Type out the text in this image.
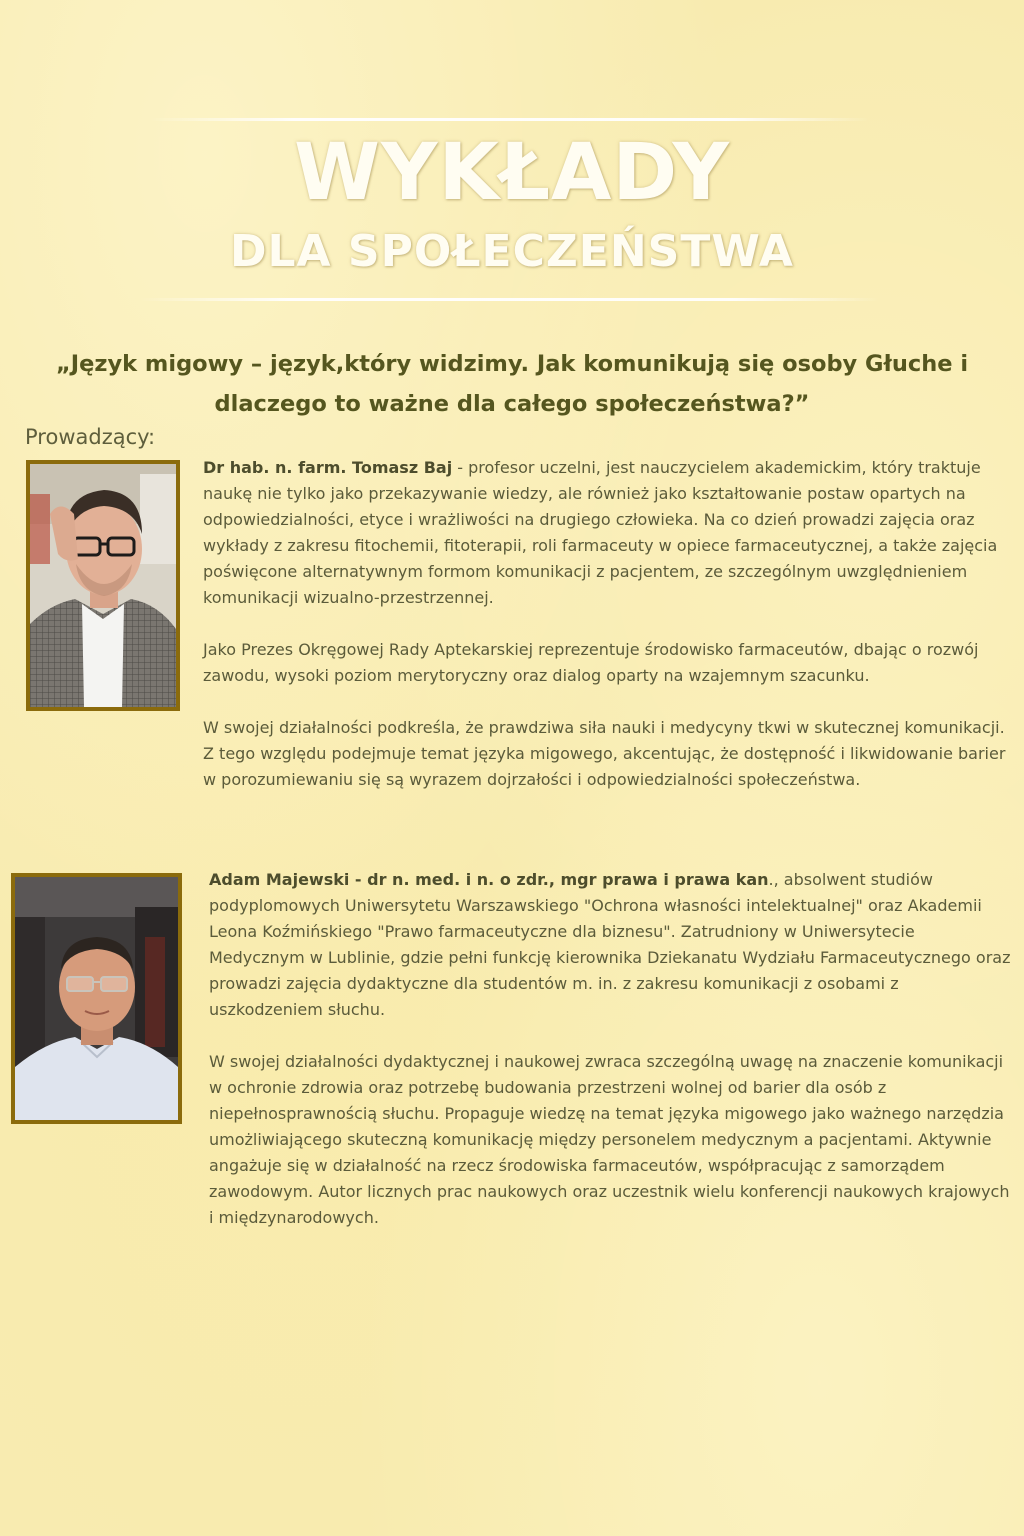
WYKŁADY
DLA SPOŁECZEŃSTWA
„Język migowy – język,który widzimy. Jak komunikują się osoby Głuche i
dlaczego to ważne dla całego społeczeństwa?”
Prowadzący:

Dr hab. n. farm. Tomasz Baj - profesor uczelni, jest nauczycielem akademickim, który traktuje naukę nie tylko jako przekazywanie wiedzy, ale również jako kształtowanie postaw opartych na odpowiedzialności, etyce i wrażliwości na drugiego człowieka. Na co dzień prowadzi zajęcia oraz wykłady z zakresu fitochemii, fitoterapii, roli farmaceuty w opiece farmaceutycznej, a także zajęcia poświęcone alternatywnym formom komunikacji z pacjentem, ze szczególnym uwzględnieniem komunikacji wizualno-przestrzennej.

Jako Prezes Okręgowej Rady Aptekarskiej reprezentuje środowisko farmaceutów, dbając o rozwój zawodu, wysoki poziom merytoryczny oraz dialog oparty na wzajemnym szacunku.

W swojej działalności podkreśla, że prawdziwa siła nauki i medycyny tkwi w skutecznej komunikacji. Z tego względu podejmuje temat języka migowego, akcentując, że dostępność i likwidowanie barier w porozumiewaniu się są wyrazem dojrzałości i odpowiedzialności społeczeństwa.

Adam Majewski - dr n. med. i n. o zdr., mgr prawa i prawa kan., absolwent studiów podyplomowych Uniwersytetu Warszawskiego "Ochrona własności intelektualnej" oraz Akademii Leona Koźmińskiego "Prawo farmaceutyczne dla biznesu". Zatrudniony w Uniwersytecie Medycznym w Lublinie, gdzie pełni funkcję kierownika Dziekanatu Wydziału Farmaceutycznego oraz prowadzi zajęcia dydaktyczne dla studentów m. in. z zakresu komunikacji z osobami z uszkodzeniem słuchu.

W swojej działalności dydaktycznej i naukowej zwraca szczególną uwagę na znaczenie komunikacji w ochronie zdrowia oraz potrzebę budowania przestrzeni wolnej od barier dla osób z niepełnosprawnością słuchu. Propaguje wiedzę na temat języka migowego jako ważnego narzędzia umożliwiającego skuteczną komunikację między personelem medycznym a pacjentami. Aktywnie angażuje się w działalność na rzecz środowiska farmaceutów, współpracując z samorządem zawodowym. Autor licznych prac naukowych oraz uczestnik wielu konferencji naukowych krajowych i międzynarodowych.
